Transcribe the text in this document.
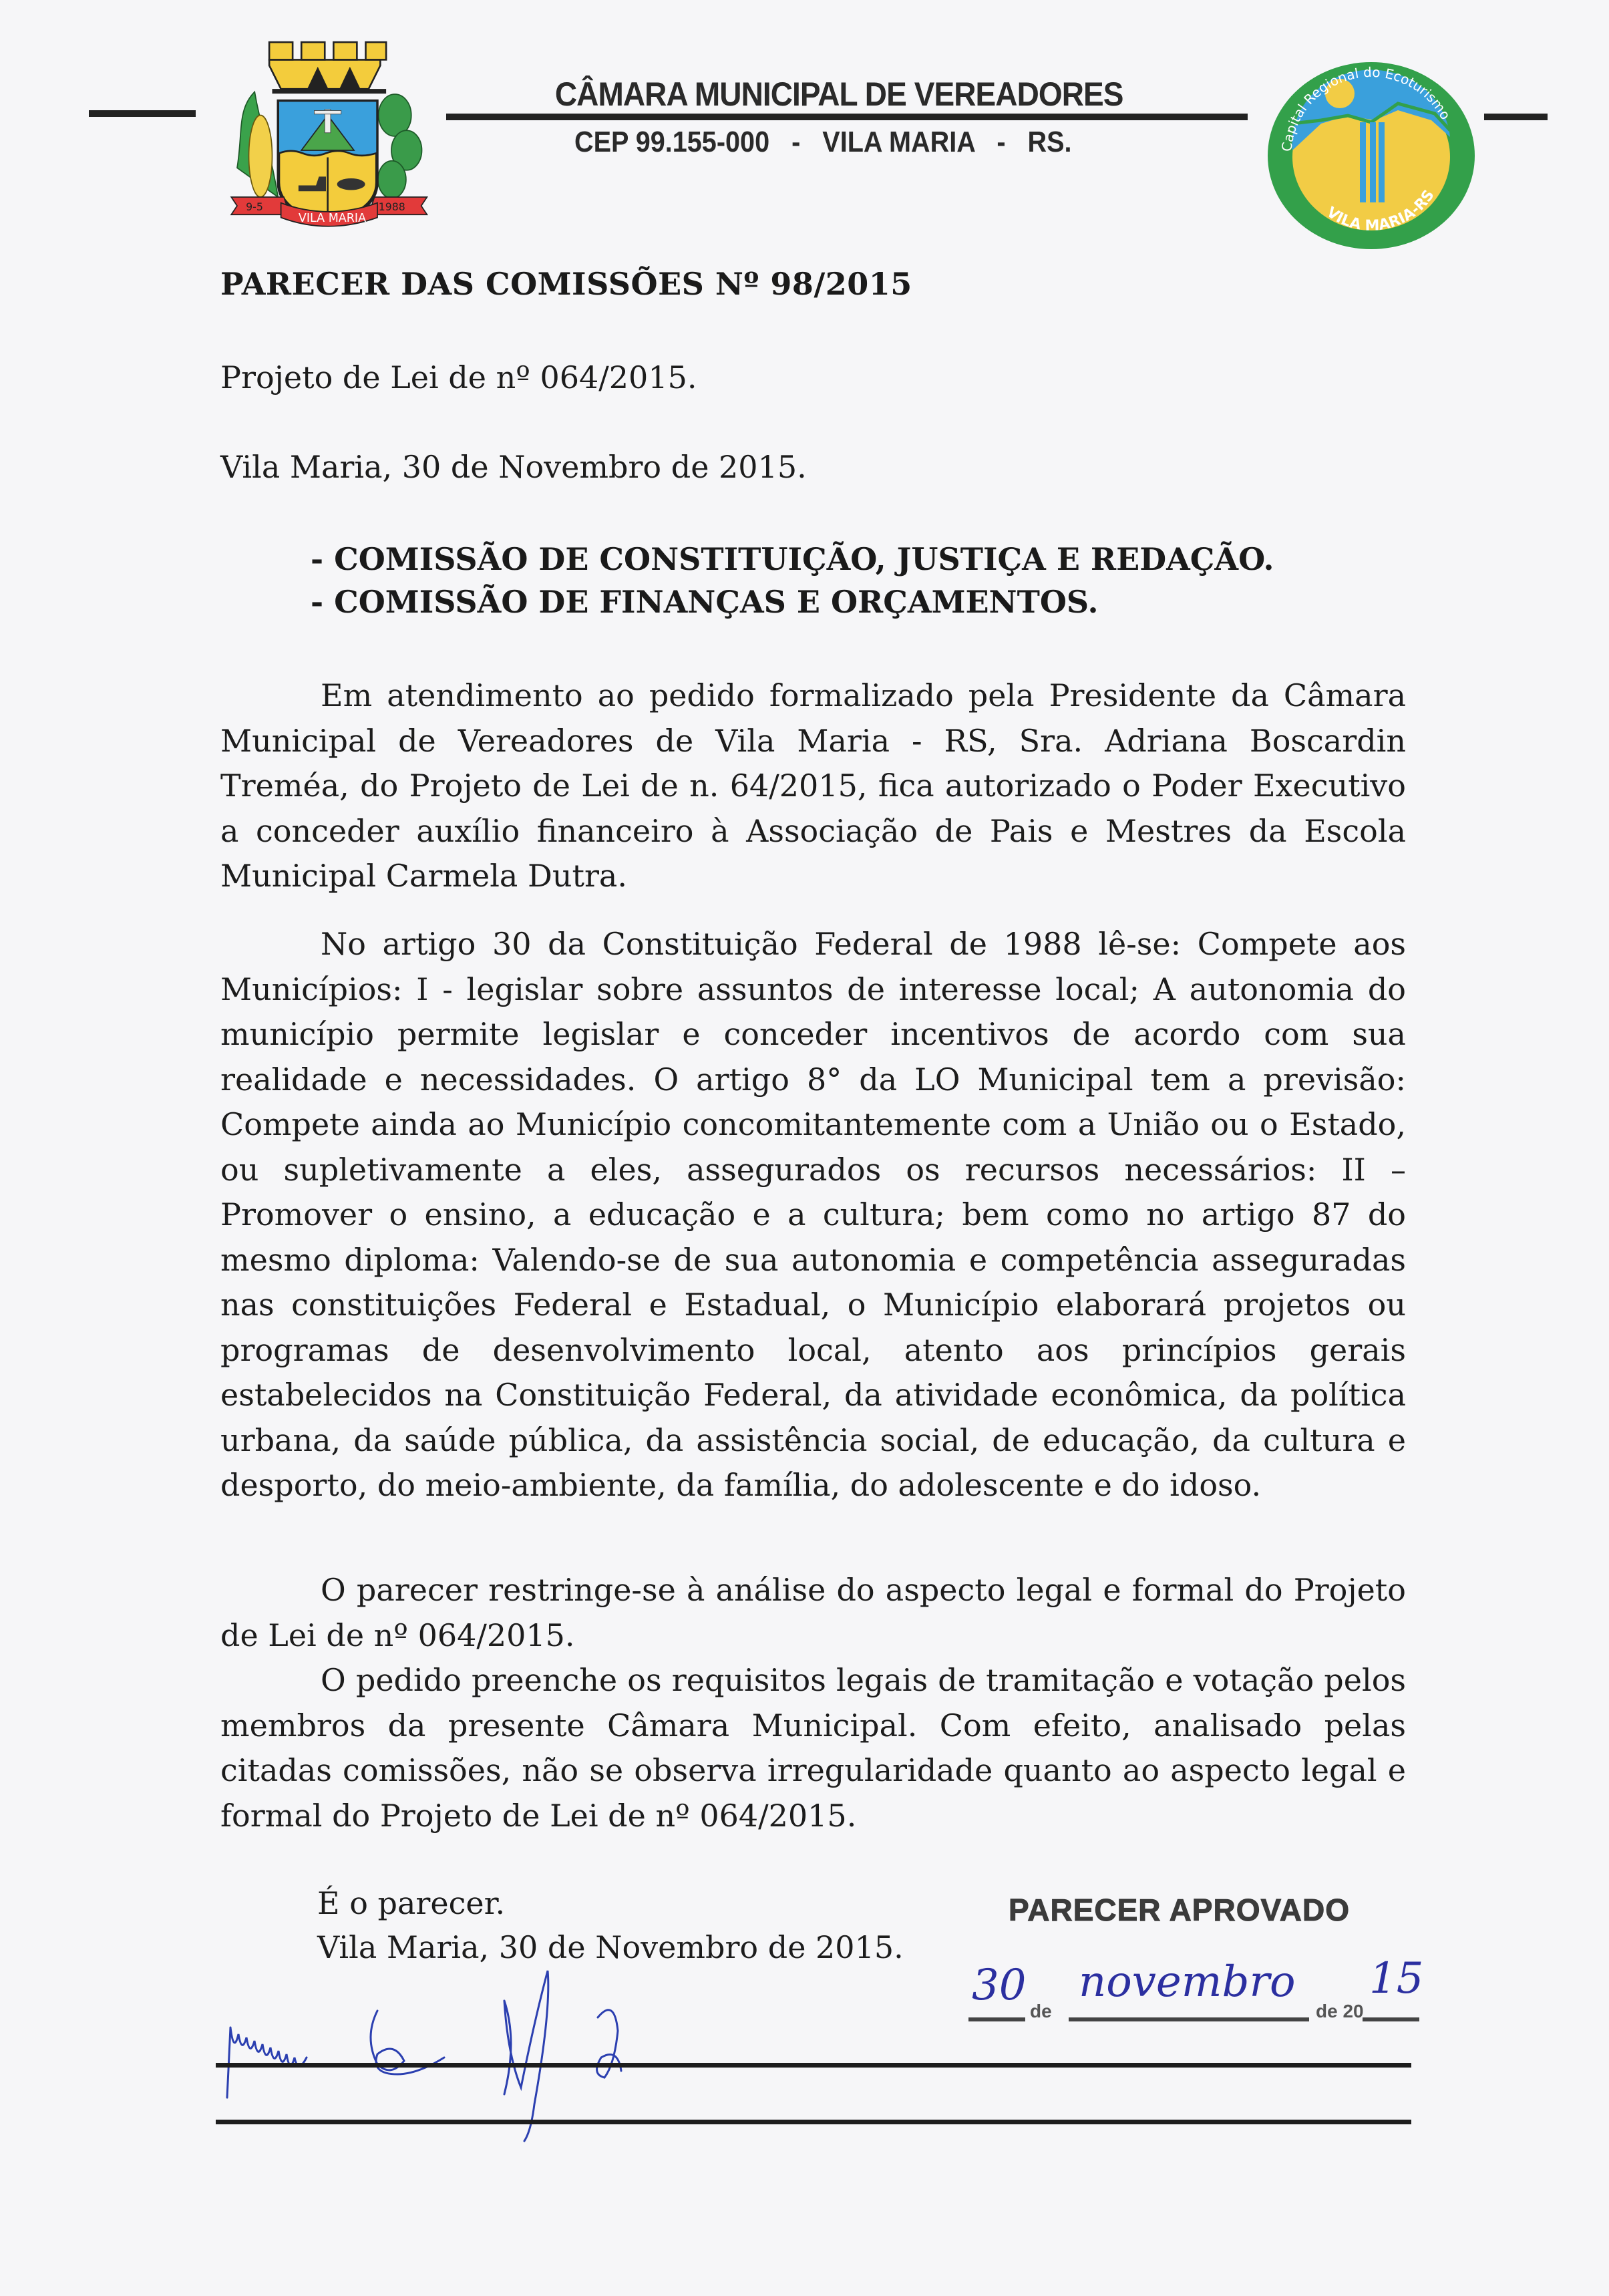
9-5	1988
VILA MARIA
CÂMARA MUNICIPAL DE VEREADORES
CEP 99.155-000   -   VILA MARIA   -   RS.	Capital Regional do Ecoturismo
VILA MARIA-RS
PARECER DAS COMISSÕES Nº 98/2015
Projeto de Lei de nº 064/2015.
Vila Maria, 30 de Novembro de 2015.
- COMISSÃO DE CONSTITUIÇÃO, JUSTIÇA E REDAÇÃO.
- COMISSÃO DE FINANÇAS E ORÇAMENTOS.
Em atendimento ao pedido formalizado pela Presidente da Câmara Municipal de Vereadores de Vila Maria - RS, Sra. Adriana Boscardin Treméa, do Projeto de Lei de n. 64/2015, fica autorizado o Poder Executivo a conceder auxílio financeiro à Associação de Pais e Mestres da Escola Municipal Carmela Dutra.
No artigo 30 da Constituição Federal de 1988 lê-se: Compete aos Municípios: I - legislar sobre assuntos de interesse local; A autonomia do município permite legislar e conceder incentivos de acordo com sua realidade e necessidades. O artigo 8° da LO Municipal tem a previsão: Compete ainda ao Município concomitantemente com a União ou o Estado, ou supletivamente a eles, assegurados os recursos necessários: II – Promover o ensino, a educação e a cultura; bem como no artigo 87 do mesmo diploma: Valendo-se de sua autonomia e competência asseguradas nas constituições Federal e Estadual, o Município elaborará projetos ou programas de desenvolvimento local, atento aos princípios gerais estabelecidos na Constituição Federal, da atividade econômica, da política urbana, da saúde pública, da assistência social, de educação, da cultura e desporto, do meio-ambiente, da família, do adolescente e do idoso.
O parecer restringe-se à análise do aspecto legal e formal do Projeto de Lei de nº 064/2015.
O pedido preenche os requisitos legais de tramitação e votação pelos membros da presente Câmara Municipal. Com efeito, analisado pelas citadas comissões, não se observa irregularidade quanto ao aspecto legal e formal do Projeto de Lei de nº 064/2015.
É o parecer.
Vila Maria, 30 de Novembro de 2015.
PARECER APROVADO
de	de 20
30 novembro 15
